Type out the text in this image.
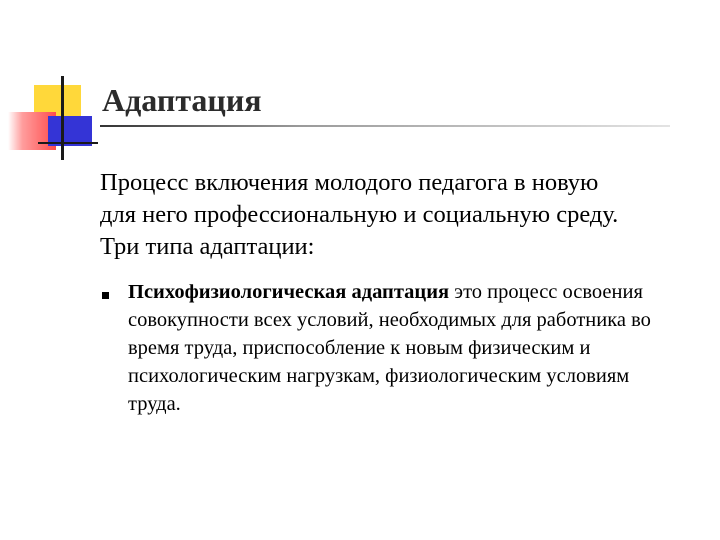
Адаптация

Процесс включения молодого педагога в новую

для него профессиональную и социальную среду.

Три типа адаптации:

Психофизиологическая адаптация это процесс освоения совокупности всех условий, необходимых для работника во время труда, приспособление к новым физическим и психологическим нагрузкам, физиологическим условиям труда.
